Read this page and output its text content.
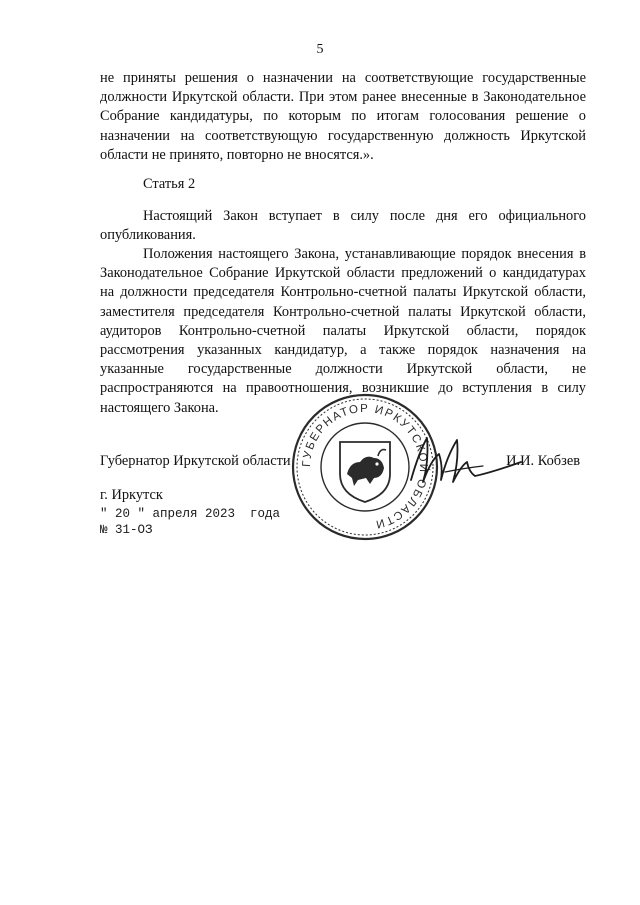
5

не приняты решения о назначении на соответствующие государственные должности Иркутской области. При этом ранее внесенные в Законодательное Собрание кандидатуры, по которым по итогам голосования решение о назначении на соответствующую государственную должность Иркутской области не принято, повторно не вносятся.».

Статья 2

Настоящий Закон вступает в силу после дня его официального опубликования.

Положения настоящего Закона, устанавливающие порядок внесения в Законодательное Собрание Иркутской области предложений о кандидатурах на должности председателя Контрольно-счетной палаты Иркутской области, заместителя председателя Контрольно-счетной палаты Иркутской области, аудиторов Контрольно-счетной палаты Иркутской области, порядок рассмотрения указанных кандидатур, а также порядок назначения на указанные государственные должности Иркутской области, не распространяются на правоотношения, возникшие до вступления в силу настоящего Закона.

Губернатор Иркутской области	И.И. Кобзев
ГУБЕРНАТОР ИРКУТСКОЙ ОБЛАСТИ
г. Иркутск
" 20 " апреля 2023  года
№ 31-ОЗ
